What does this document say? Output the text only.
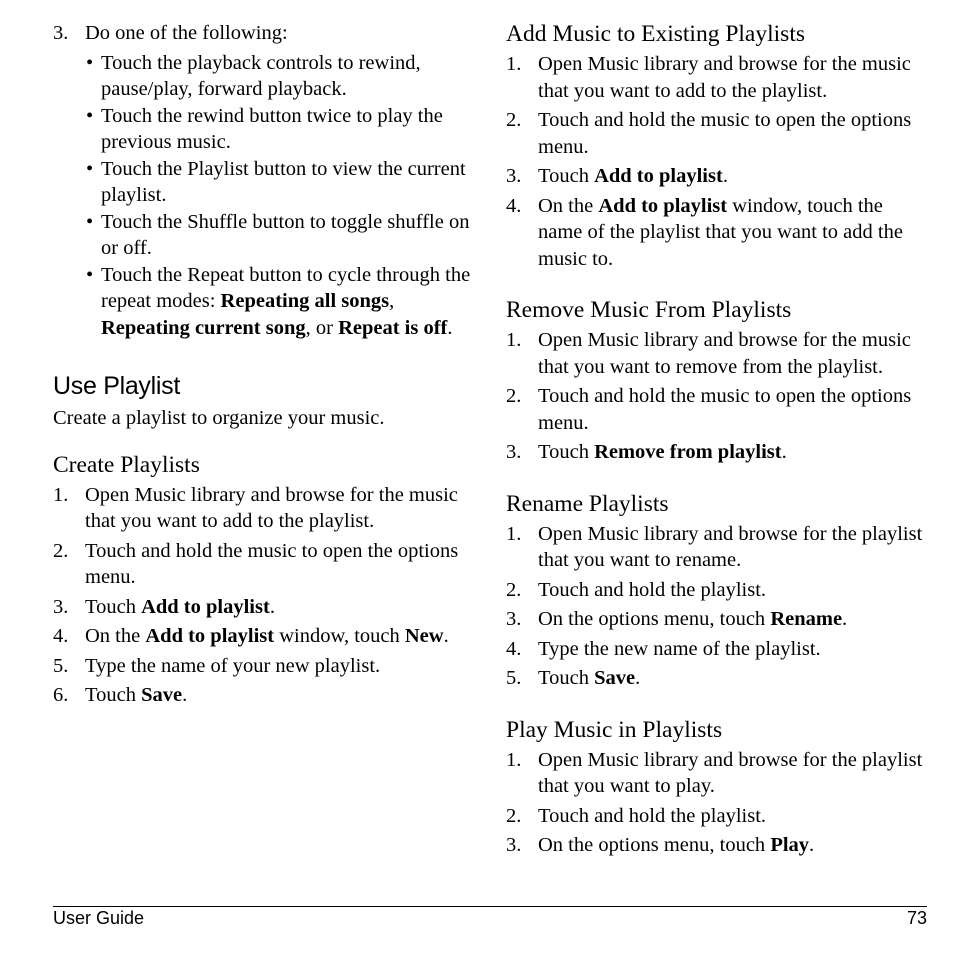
3. Do one of the following:
• Touch the playback controls to rewind, pause/play, forward playback.
• Touch the rewind button twice to play the previous music.
• Touch the Playlist button to view the current playlist.
• Touch the Shuffle button to toggle shuffle on or off.
• Touch the Repeat button to cycle through the repeat modes: Repeating all songs, Repeating current song, or Repeat is off.
Use Playlist
Create a playlist to organize your music.
Create Playlists
1. Open Music library and browse for the music that you want to add to the playlist.
2. Touch and hold the music to open the options menu.
3. Touch Add to playlist.
4. On the Add to playlist window, touch New.
5. Type the name of your new playlist.
6. Touch Save.
Add Music to Existing Playlists
1. Open Music library and browse for the music that you want to add to the playlist.
2. Touch and hold the music to open the options menu.
3. Touch Add to playlist.
4. On the Add to playlist window, touch the name of the playlist that you want to add the music to.
Remove Music From Playlists
1. Open Music library and browse for the music that you want to remove from the playlist.
2. Touch and hold the music to open the options menu.
3. Touch Remove from playlist.
Rename Playlists
1. Open Music library and browse for the playlist that you want to rename.
2. Touch and hold the playlist.
3. On the options menu, touch Rename.
4. Type the new name of the playlist.
5. Touch Save.
Play Music in Playlists
1. Open Music library and browse for the playlist that you want to play.
2. Touch and hold the playlist.
3. On the options menu, touch Play.
User Guide	73
